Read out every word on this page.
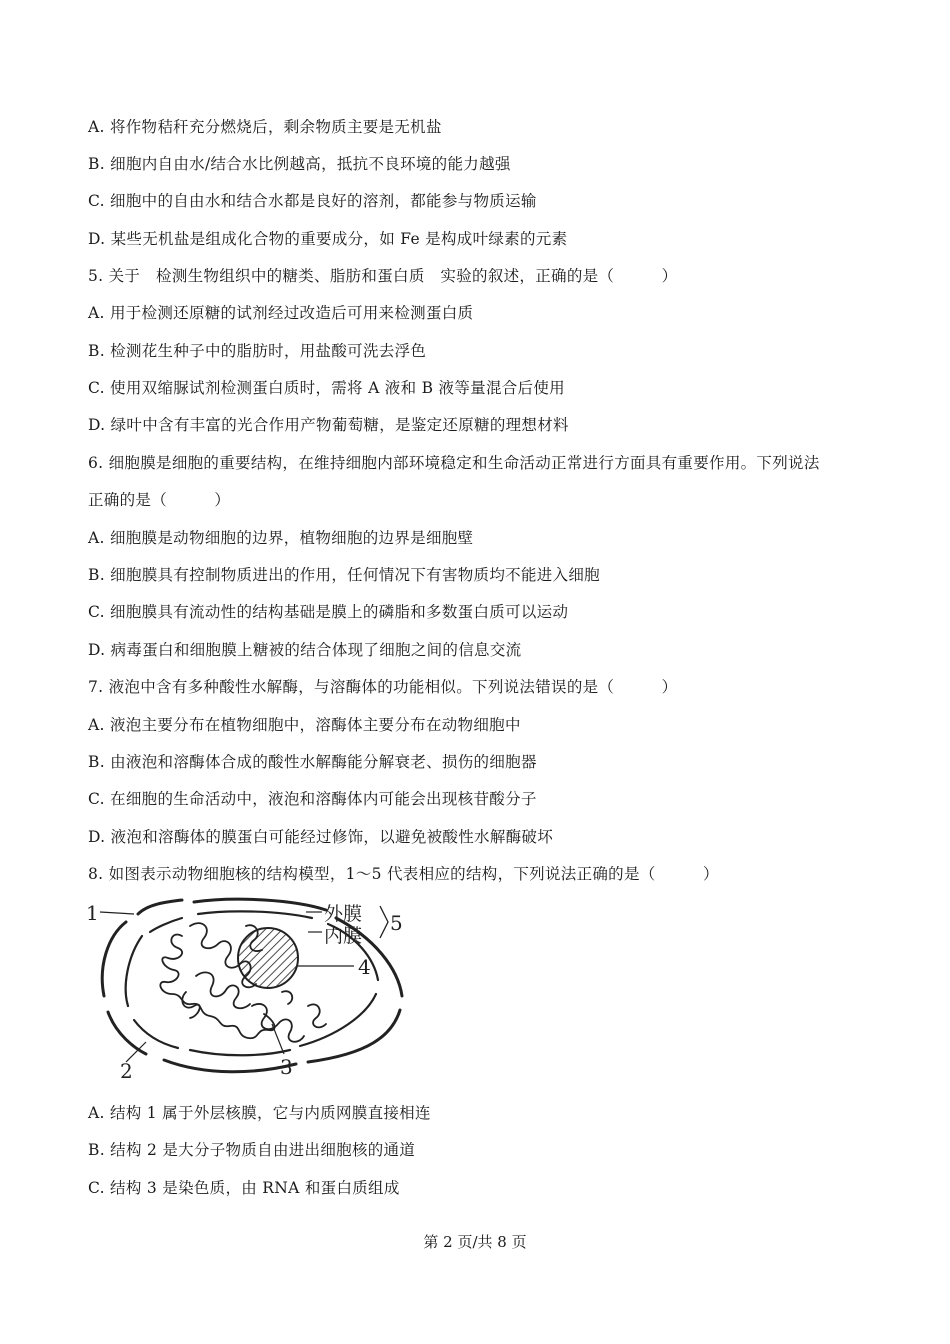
A. 将作物秸秆充分燃烧后，剩余物质主要是无机盐
B. 细胞内自由水/结合水比例越高，抵抗不良环境的能力越强
C. 细胞中的自由水和结合水都是良好的溶剂，都能参与物质运输
D. 某些无机盐是组成化合物的重要成分，如 Fe 是构成叶绿素的元素
5. 关于　检测生物组织中的糖类、脂肪和蛋白质　实验的叙述，正确的是（　　　）
A. 用于检测还原糖的试剂经过改造后可用来检测蛋白质
B. 检测花生种子中的脂肪时，用盐酸可洗去浮色
C. 使用双缩脲试剂检测蛋白质时，需将 A 液和 B 液等量混合后使用
D. 绿叶中含有丰富的光合作用产物葡萄糖，是鉴定还原糖的理想材料
6. 细胞膜是细胞的重要结构，在维持细胞内部环境稳定和生命活动正常进行方面具有重要作用。下列说法
正确的是（　　　）
A. 细胞膜是动物细胞的边界，植物细胞的边界是细胞壁
B. 细胞膜具有控制物质进出的作用，任何情况下有害物质均不能进入细胞
C. 细胞膜具有流动性的结构基础是膜上的磷脂和多数蛋白质可以运动
D. 病毒蛋白和细胞膜上糖被的结合体现了细胞之间的信息交流
7. 液泡中含有多种酸性水解酶，与溶酶体的功能相似。下列说法错误的是（　　　）
A. 液泡主要分布在植物细胞中，溶酶体主要分布在动物细胞中
B. 由液泡和溶酶体合成的酸性水解酶能分解衰老、损伤的细胞器
C. 在细胞的生命活动中，液泡和溶酶体内可能会出现核苷酸分子
D. 液泡和溶酶体的膜蛋白可能经过修饰，以避免被酸性水解酶破坏
8. 如图表示动物细胞核的结构模型，1～5 代表相应的结构，下列说法正确的是（　　　）
1	外膜
内膜
5
4
2	3
A. 结构 1 属于外层核膜，它与内质网膜直接相连
B. 结构 2 是大分子物质自由进出细胞核的通道
C. 结构 3 是染色质，由 RNA 和蛋白质组成
第 2 页/共 8 页
